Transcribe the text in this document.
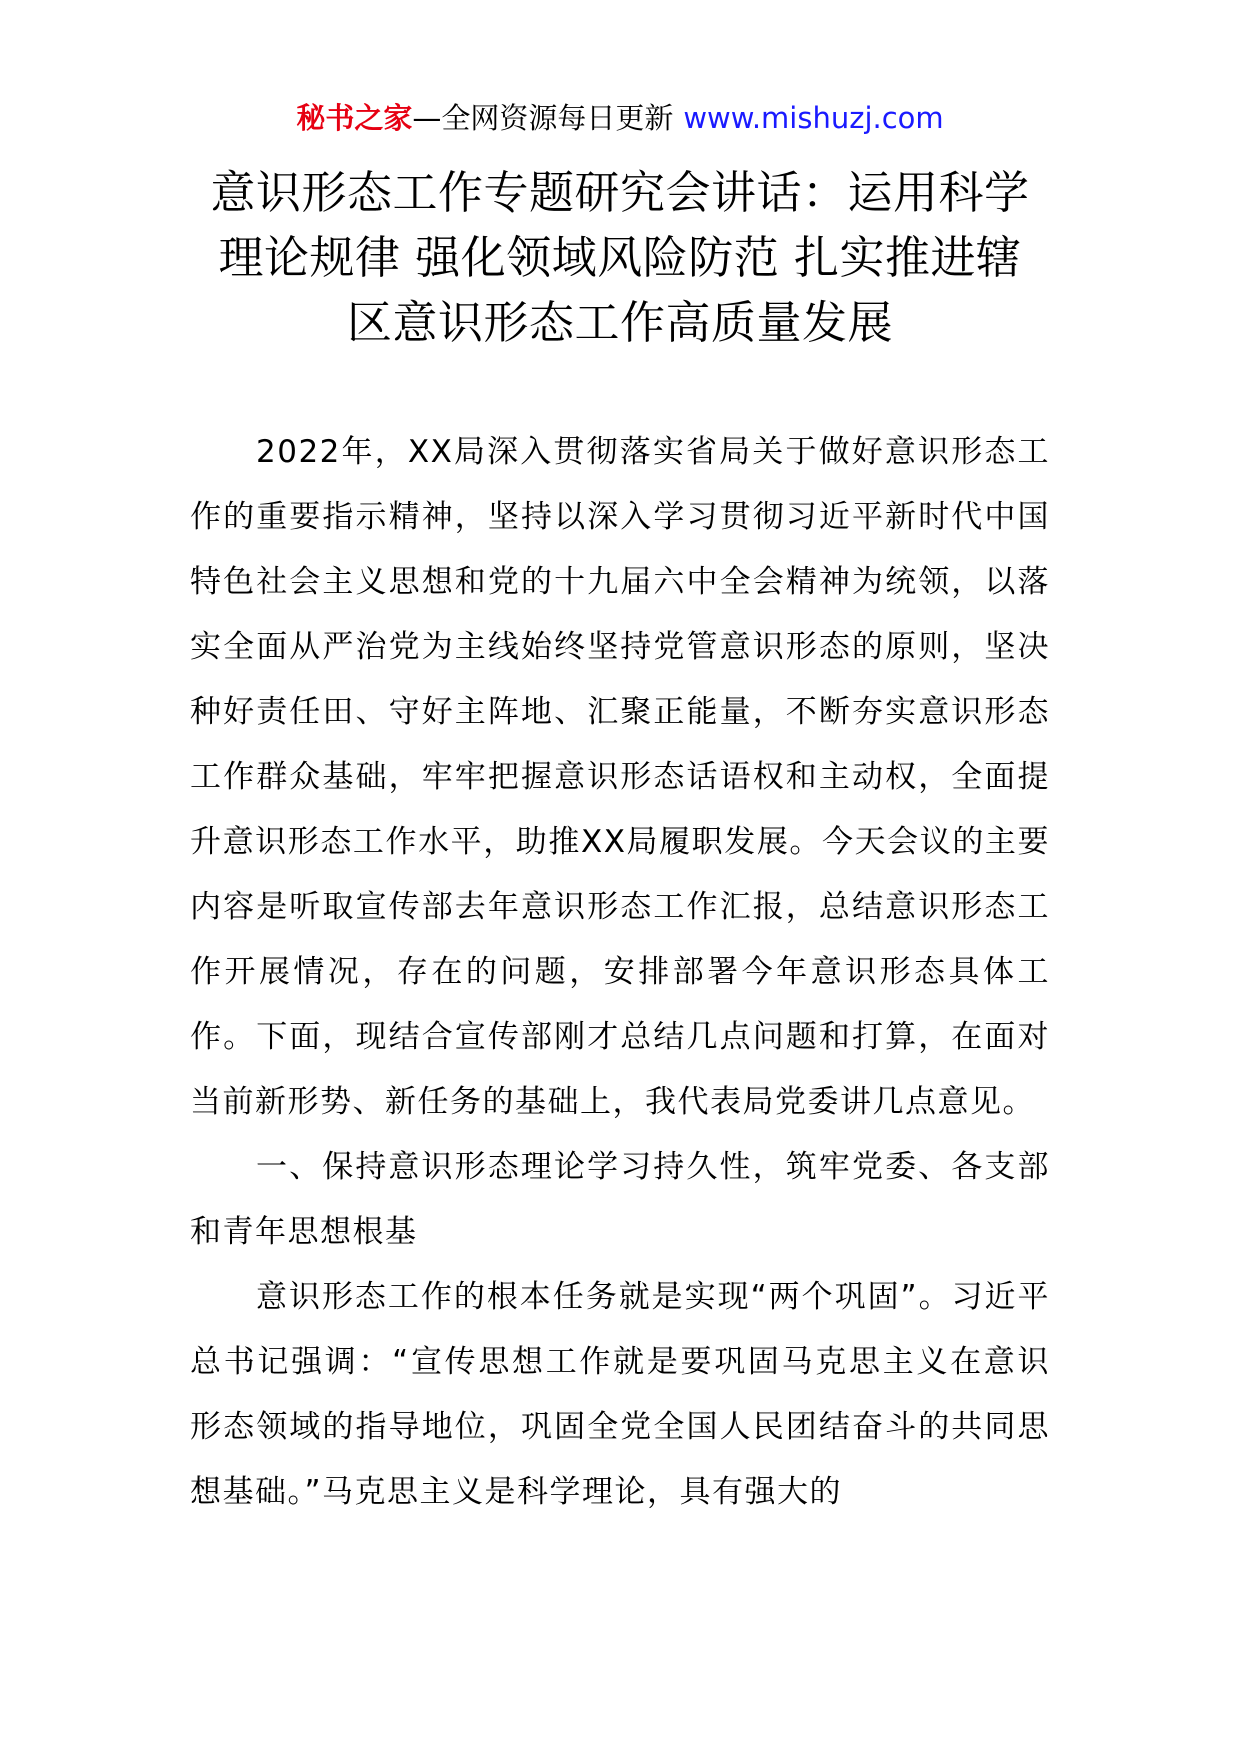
秘书之家—全网资源每日更新 www.mishuzj.com
意识形态工作专题研究会讲话：运用科学
理论规律 强化领域风险防范 扎实推进辖
区意识形态工作高质量发展

2022年，XX局深入贯彻落实省局关于做好意识形态工作的重要指示精神，坚持以深入学习贯彻习近平新时代中国特色社会主义思想和党的十九届六中全会精神为统领，以落实全面从严治党为主线始终坚持党管意识形态的原则，坚决种好责任田、守好主阵地、汇聚正能量，不断夯实意识形态工作群众基础，牢牢把握意识形态话语权和主动权，全面提升意识形态工作水平，助推XX局履职发展。今天会议的主要内容是听取宣传部去年意识形态工作汇报，总结意识形态工作开展情况，存在的问题，安排部署今年意识形态具体工作。下面，现结合宣传部刚才总结几点问题和打算，在面对当前新形势、新任务的基础上，我代表局党委讲几点意见。

一、保持意识形态理论学习持久性，筑牢党委、各支部和青年思想根基

意识形态工作的根本任务就是实现“两个巩固”。习近平总书记强调：“宣传思想工作就是要巩固马克思主义在意识形态领域的指导地位，巩固全党全国人民团结奋斗的共同思想基础。”马克思主义是科学理论，具有强大的
